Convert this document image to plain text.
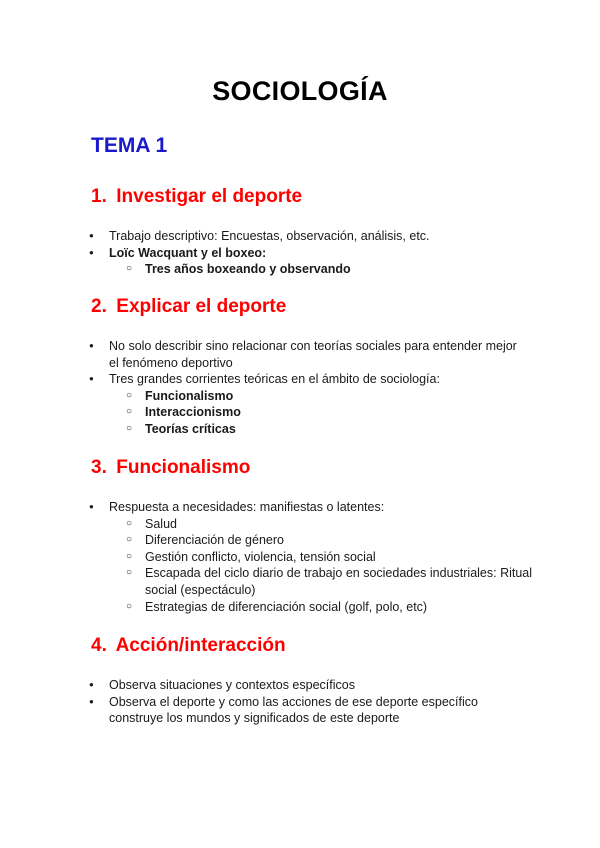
SOCIOLOGÍA
TEMA 1
1. Investigar el deporte
● Trabajo descriptivo: Encuestas, observación, análisis, etc.
● Loïc Wacquant y el boxeo:
○ Tres años boxeando y observando
2. Explicar el deporte
● No solo describir sino relacionar con teorías sociales para entender mejor el fenómeno deportivo
● Tres grandes corrientes teóricas en el ámbito de sociología:
○ Funcionalismo
○ Interaccionismo
○ Teorías críticas
3. Funcionalismo
● Respuesta a necesidades: manifiestas o latentes:
○ Salud
○ Diferenciación de género
○ Gestión conflicto, violencia, tensión social
○ Escapada del ciclo diario de trabajo en sociedades industriales: Ritual social (espectáculo)
○ Estrategias de diferenciación social (golf, polo, etc)
4. Acción/interacción
● Observa situaciones y contextos específicos
● Observa el deporte y como las acciones de ese deporte específico construye los mundos y significados de este deporte
